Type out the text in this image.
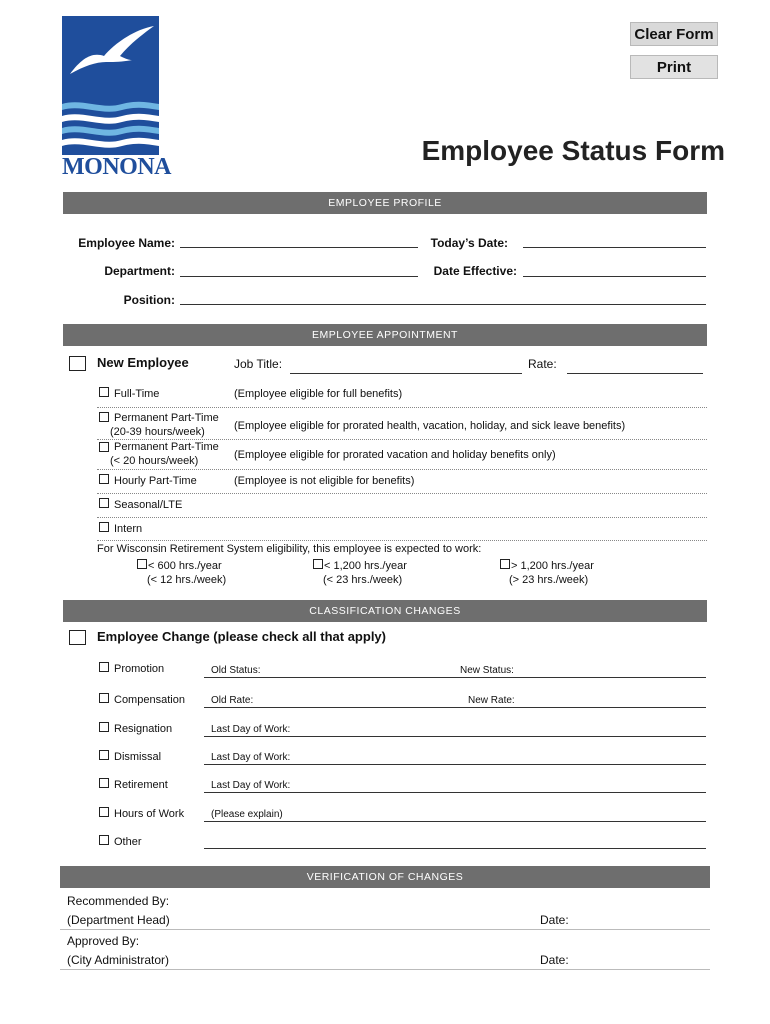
MONONA
Clear Form
Print
Employee Status Form
EMPLOYEE PROFILE
Employee Name:	Today’s Date:
Department:	Date Effective:
Position:
EMPLOYEE APPOINTMENT
New Employee	Job Title:	Rate:
Full-Time	(Employee eligible for full benefits)
Permanent Part-Time
(20-39 hours/week)	(Employee eligible for prorated health, vacation, holiday, and sick leave benefits)
Permanent Part-Time
(< 20 hours/week)	(Employee eligible for prorated vacation and holiday benefits only)
Hourly Part-Time	(Employee is not eligible for benefits)
Seasonal/LTE
Intern
For Wisconsin Retirement System eligibility, this employee is expected to work:
< 600 hrs./year
(< 12 hrs./week)
< 1,200 hrs./year
(< 23 hrs./week)
> 1,200 hrs./year
(> 23 hrs./week)
CLASSIFICATION CHANGES
Employee Change (please check all that apply)
Promotion	Old Status:	New Status:
Compensation	Old Rate:	New Rate:
Resignation	Last Day of Work:
Dismissal	Last Day of Work:
Retirement	Last Day of Work:
Hours of Work	(Please explain)
Other
VERIFICATION OF CHANGES
Recommended By:
(Department Head)	Date:
Approved By:
(City Administrator)	Date:
